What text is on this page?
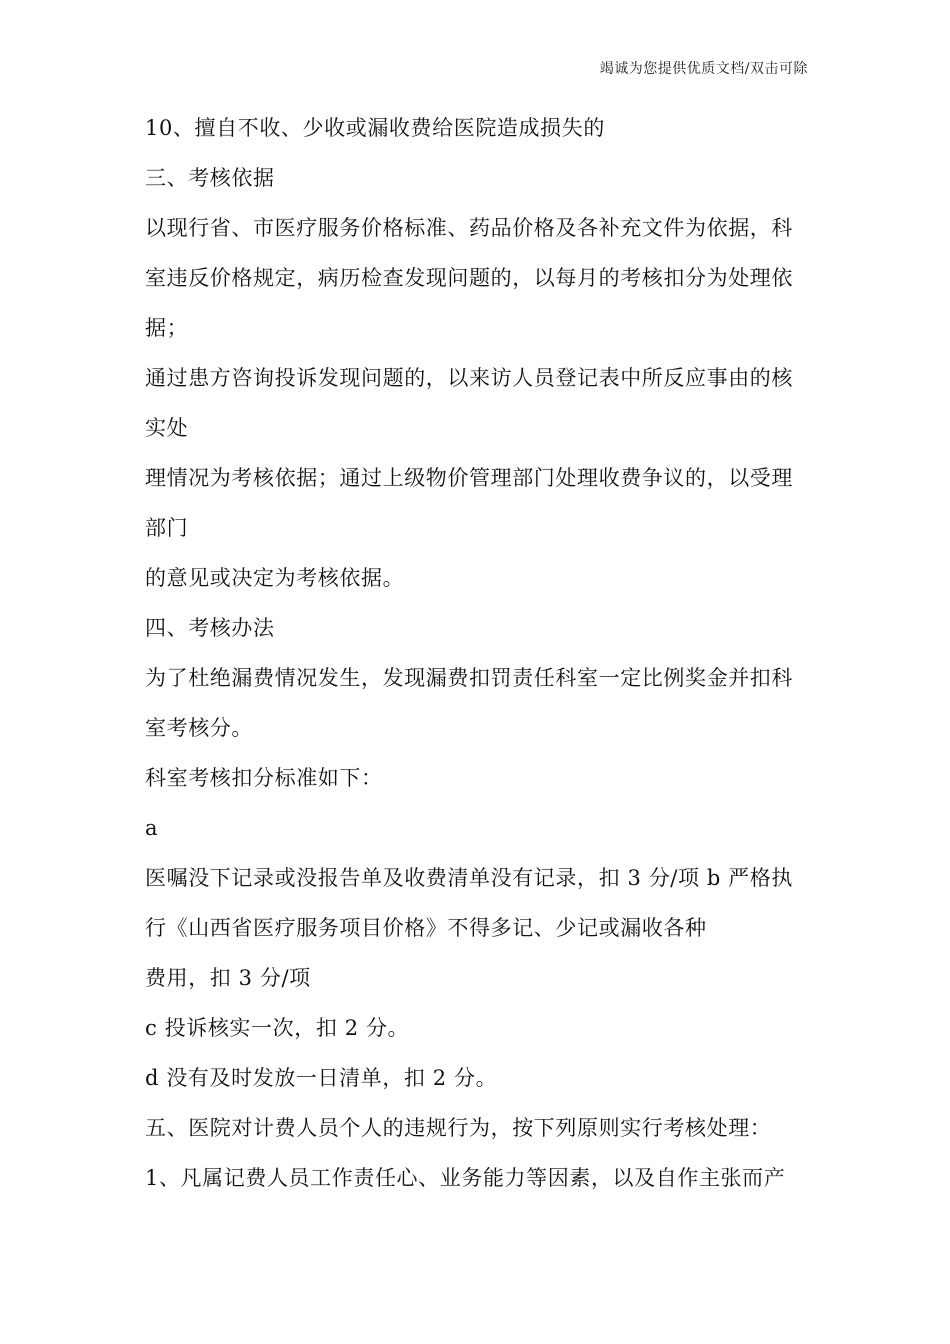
竭诚为您提供优质文档/双击可除
10、擅自不收、少收或漏收费给医院造成损失的
三、考核依据
以现行省、市医疗服务价格标准、药品价格及各补充文件为依据，科
室违反价格规定，病历检查发现问题的，以每月的考核扣分为处理依
据；
通过患方咨询投诉发现问题的，以来访人员登记表中所反应事由的核
实处
理情况为考核依据；通过上级物价管理部门处理收费争议的，以受理
部门
的意见或决定为考核依据。
四、考核办法
为了杜绝漏费情况发生，发现漏费扣罚责任科室一定比例奖金并扣科
室考核分。
科室考核扣分标准如下：
a
医嘱没下记录或没报告单及收费清单没有记录，扣 3 分/项 b 严格执
行《山西省医疗服务项目价格》不得多记、少记或漏收各种
费用，扣 3 分/项
c 投诉核实一次，扣 2 分。
d 没有及时发放一日清单，扣 2 分。
五、医院对计费人员个人的违规行为，按下列原则实行考核处理：
1、凡属记费人员工作责任心、业务能力等因素，以及自作主张而产
